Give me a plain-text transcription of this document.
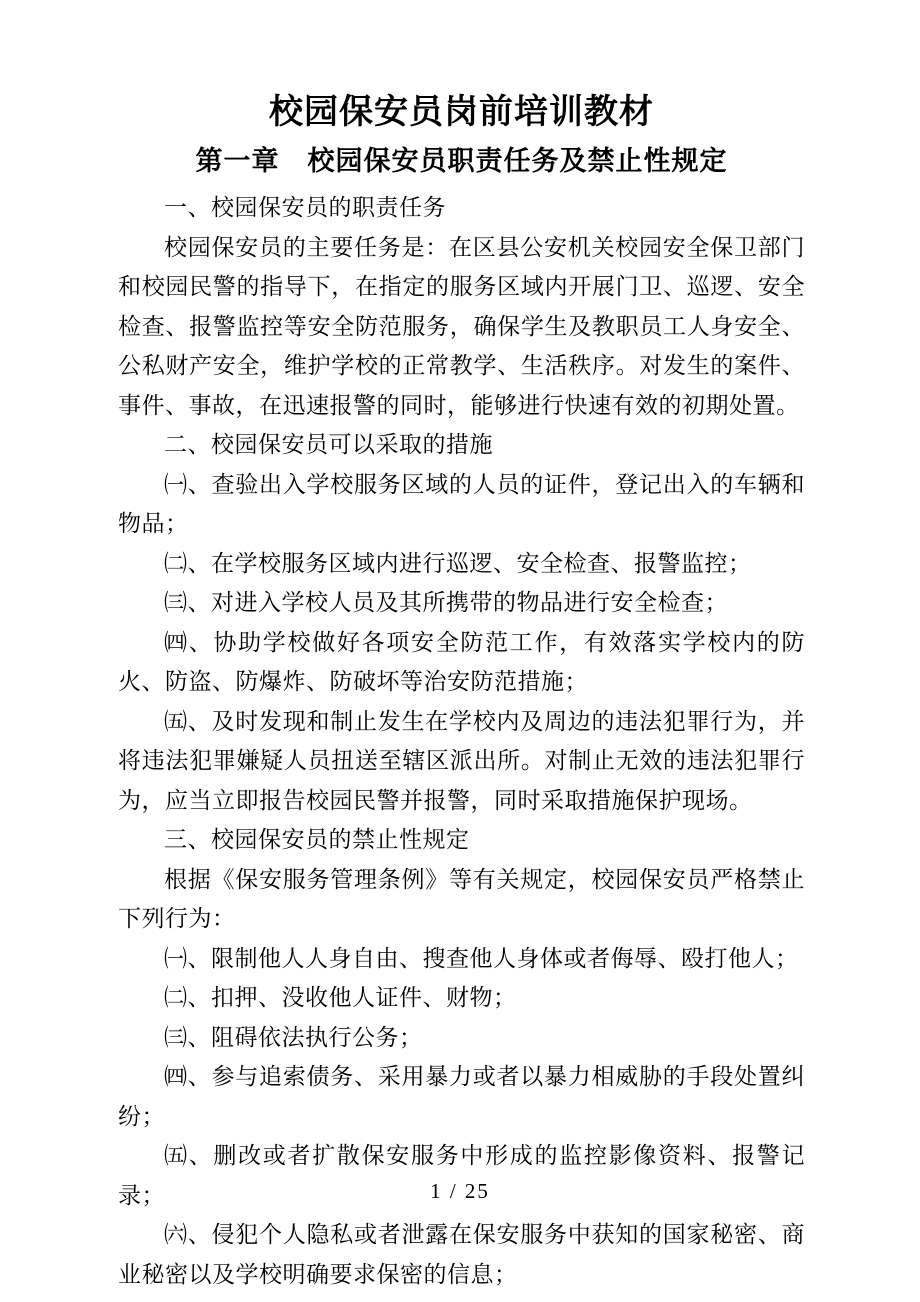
校园保安员岗前培训教材
第一章　校园保安员职责任务及禁止性规定

一、校园保安员的职责任务

校园保安员的主要任务是：在区县公安机关校园安全保卫部门和校园民警的指导下，在指定的服务区域内开展门卫、巡逻、安全检查、报警监控等安全防范服务，确保学生及教职员工人身安全、公私财产安全，维护学校的正常教学、生活秩序。对发生的案件、事件、事故，在迅速报警的同时，能够进行快速有效的初期处置。

二、校园保安员可以采取的措施

㈠、查验出入学校服务区域的人员的证件，登记出入的车辆和物品；

㈡、在学校服务区域内进行巡逻、安全检查、报警监控；

㈢、对进入学校人员及其所携带的物品进行安全检查；

㈣、协助学校做好各项安全防范工作，有效落实学校内的防火、防盗、防爆炸、防破坏等治安防范措施；

㈤、及时发现和制止发生在学校内及周边的违法犯罪行为，并将违法犯罪嫌疑人员扭送至辖区派出所。对制止无效的违法犯罪行为，应当立即报告校园民警并报警，同时采取措施保护现场。

三、校园保安员的禁止性规定

根据《保安服务管理条例》等有关规定，校园保安员严格禁止下列行为：

㈠、限制他人人身自由、搜查他人身体或者侮辱、殴打他人；

㈡、扣押、没收他人证件、财物；

㈢、阻碍依法执行公务；

㈣、参与追索债务、采用暴力或者以暴力相威胁的手段处置纠纷；

㈤、删改或者扩散保安服务中形成的监控影像资料、报警记录；

㈥、侵犯个人隐私或者泄露在保安服务中获知的国家秘密、商业秘密以及学校明确要求保密的信息；

1 / 25
